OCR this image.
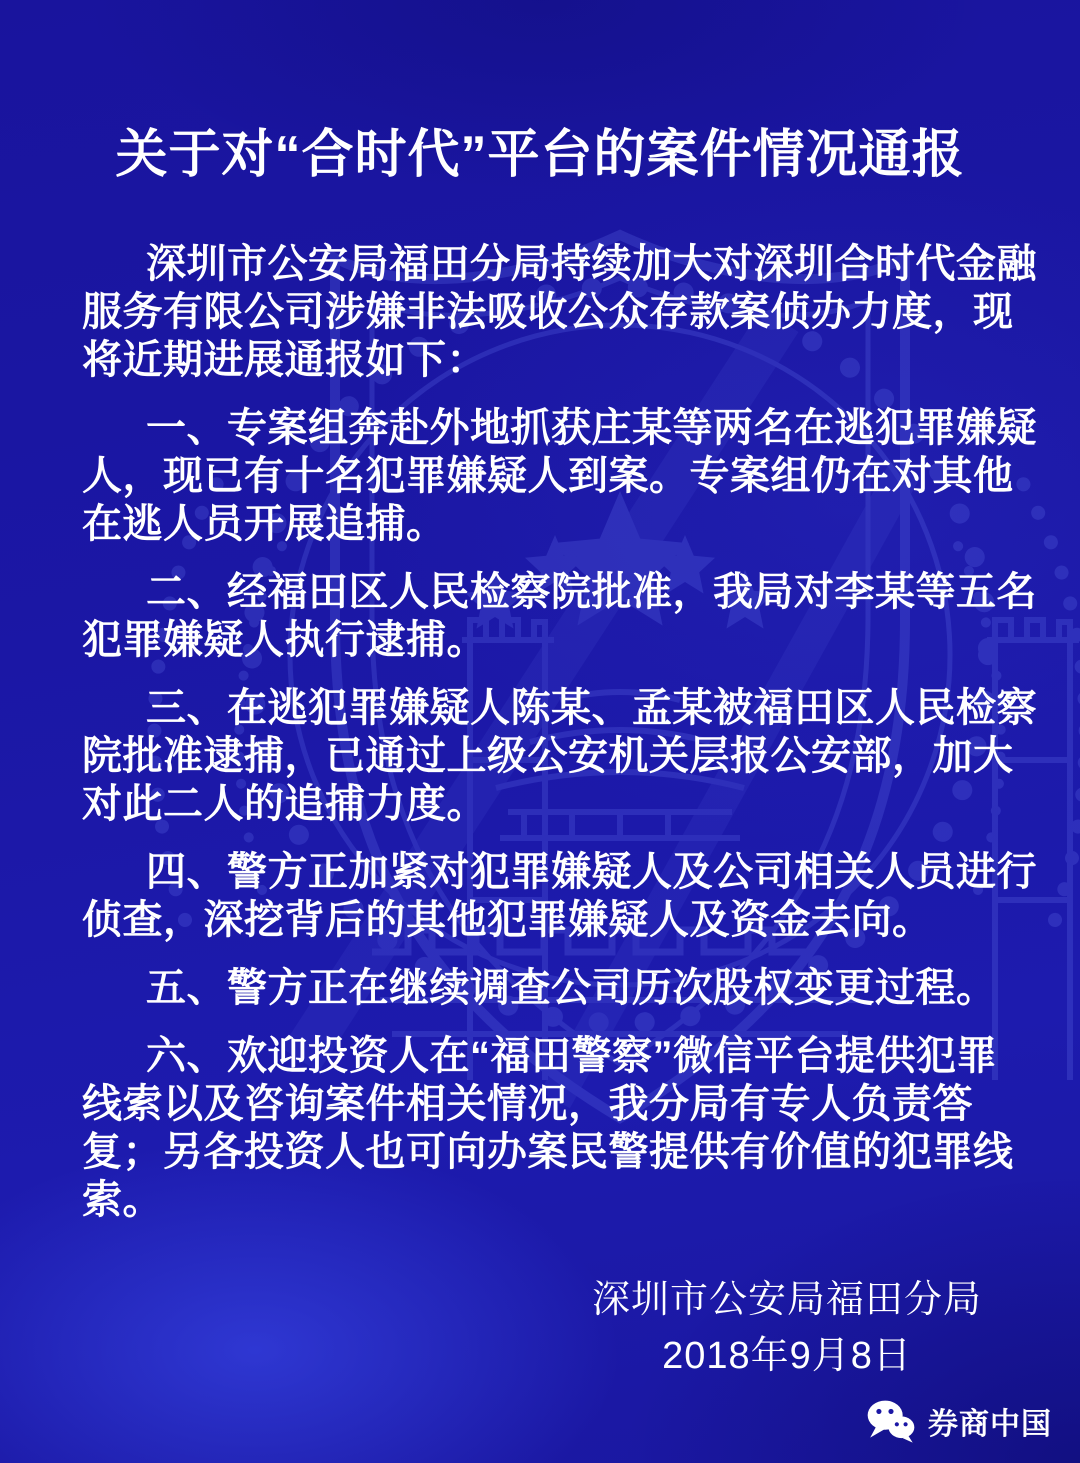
关于对“合时代”平台的案件情况通报
深圳市公安局福田分局持续加大对深圳合时代金融
服务有限公司涉嫌非法吸收公众存款案侦办力度，现
将近期进展通报如下：
一、专案组奔赴外地抓获庄某等两名在逃犯罪嫌疑
人，现已有十名犯罪嫌疑人到案。专案组仍在对其他
在逃人员开展追捕。
二、经福田区人民检察院批准，我局对李某等五名
犯罪嫌疑人执行逮捕。
三、在逃犯罪嫌疑人陈某、孟某被福田区人民检察
院批准逮捕，已通过上级公安机关层报公安部，加大
对此二人的追捕力度。
四、警方正加紧对犯罪嫌疑人及公司相关人员进行
侦查，深挖背后的其他犯罪嫌疑人及资金去向。
五、警方正在继续调查公司历次股权变更过程。
六、欢迎投资人在“福田警察”微信平台提供犯罪
线索以及咨询案件相关情况，我分局有专人负责答
复；另各投资人也可向办案民警提供有价值的犯罪线
索。
深圳市公安局福田分局
2018年9月8日
券商中国
